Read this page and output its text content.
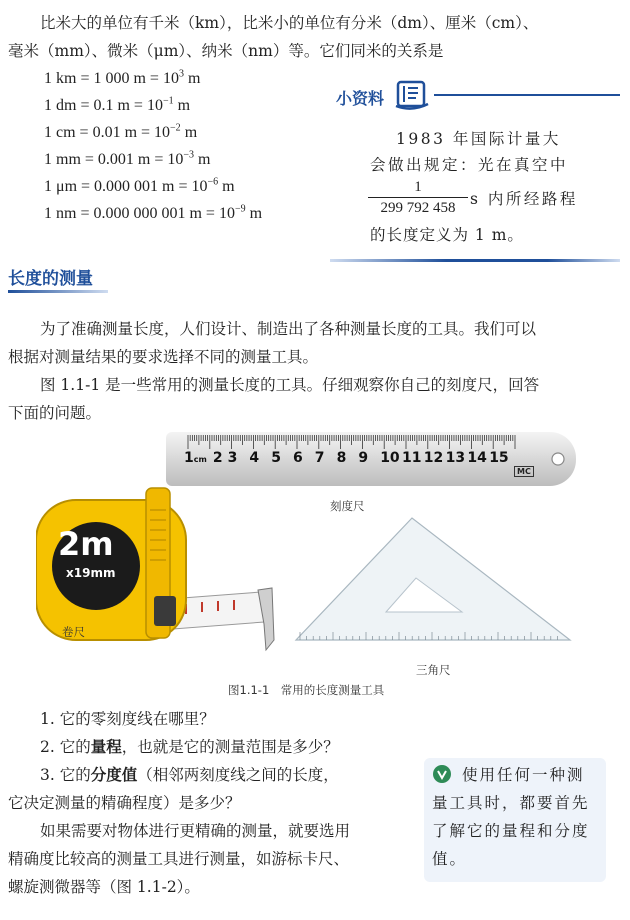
比米大的单位有千米（km），比米小的单位有分米（dm）、厘米（cm）、

毫米（mm）、微米（μm）、纳米（nm）等。它们同米的关系是

1 km = 1 000 $m = 10^3$ m
1 dm = 0.1 $m = 10^{-1}$ m
1 cm = 0.01 $m = 10^{-2}$ m
1 mm = 0.001 $m = 10^{-3}$ m
1 μm = 0.000 001 $m = 10^{-6}$ m
1 nm = 0.000 000 001 $m = 10^{-9}$ m
小资料
1983 年国际计量大
会做出规定：光在真空中
1
299 792 458 s 内所经路程
的长度定义为 1 m。
长度的测量

为了准确测量长度，人们设计、制造出了各种测量长度的工具。我们可以

根据对测量结果的要求选择不同的测量工具。

图 1.1-1 是一些常用的测量长度的工具。仔细观察你自己的刻度尺，回答

下面的问题。

1cm 2 3 4 5 6 7 8 9 10 11 12 13 14 15
MC
刻度尺
2m
x19mm
卷尺
三角尺
图1.1-1　常用的长度测量工具

1. 它的零刻度线在哪里？

2. 它的量程，也就是它的测量范围是多少？

3. 它的分度值（相邻两刻度线之间的长度，

它决定测量的精确程度）是多少？

如果需要对物体进行更精确的测量，就要选用

精确度比较高的测量工具进行测量，如游标卡尺、

螺旋测微器等（图 1.1-2）。

使用任何一种测
量工具时，都要首先
了解它的量程和分度
值。
